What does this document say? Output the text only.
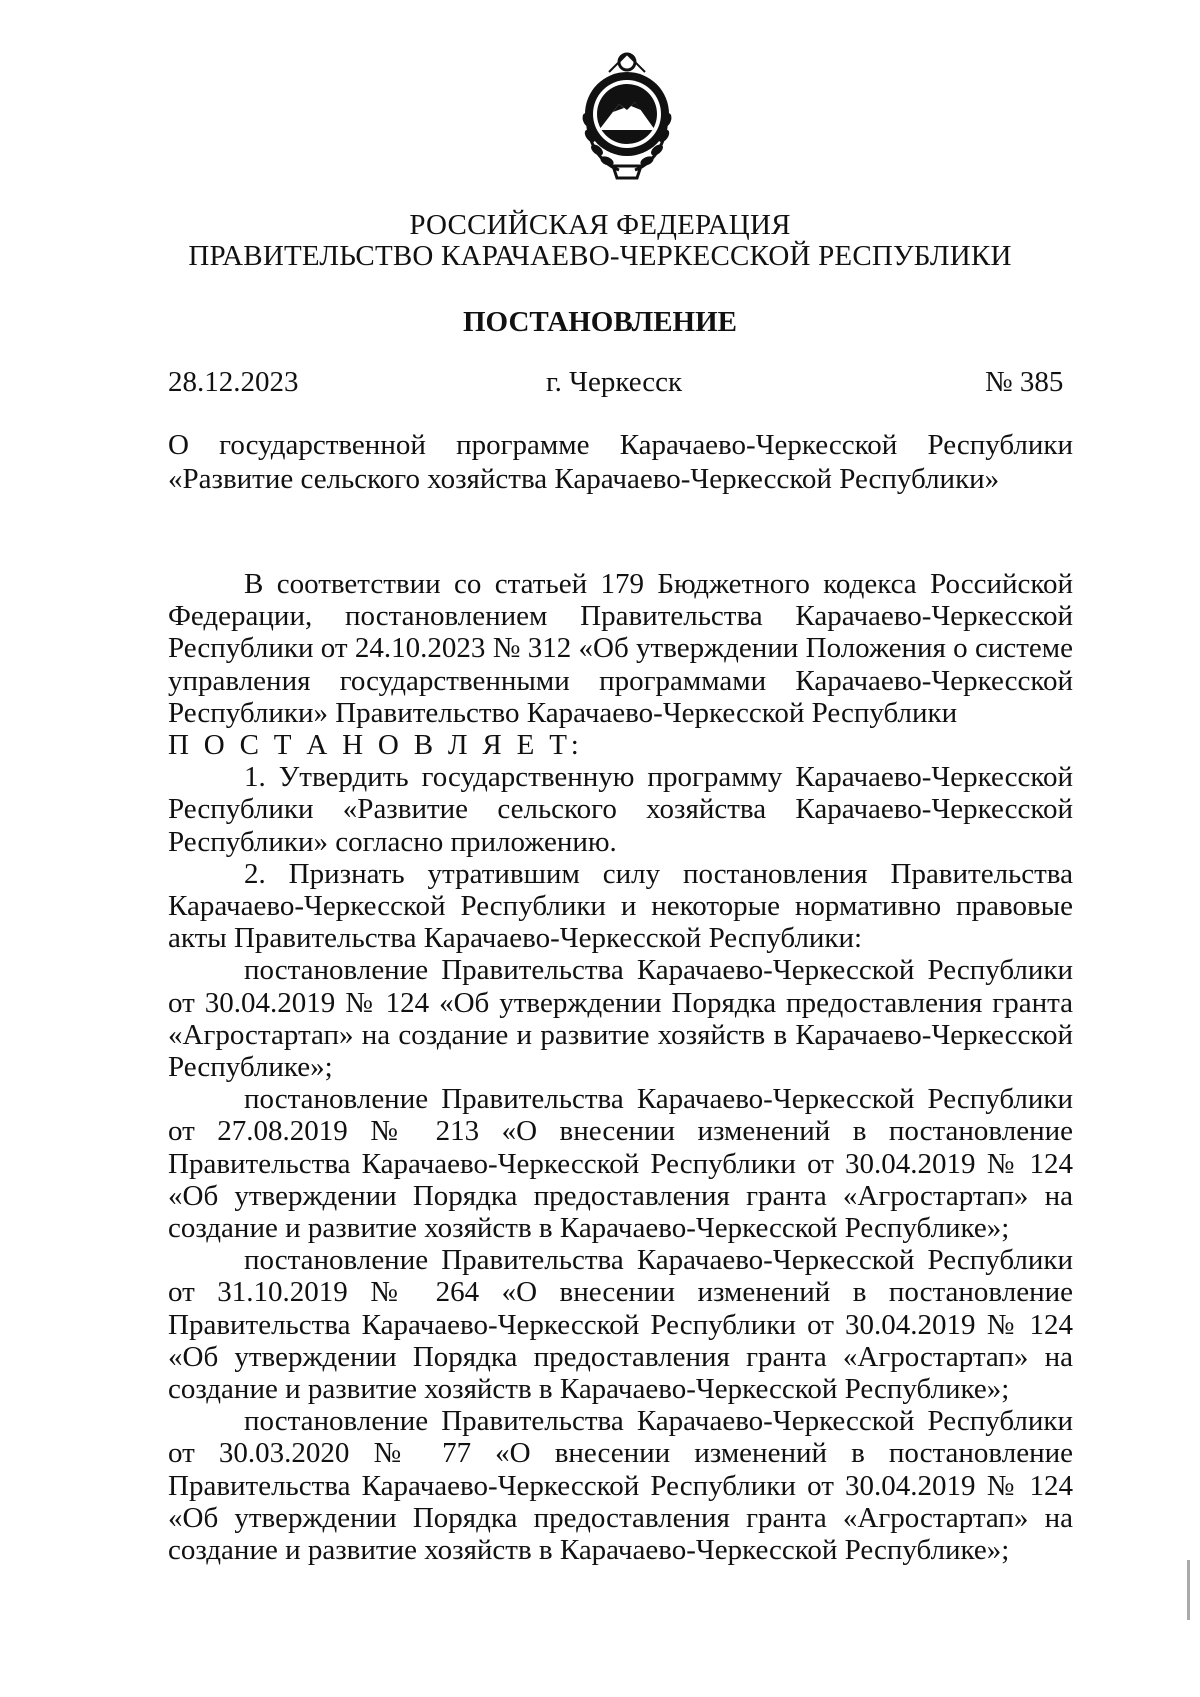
РОССИЙСКАЯ ФЕДЕРАЦИЯ
ПРАВИТЕЛЬСТВО КАРАЧАЕВО-ЧЕРКЕССКОЙ РЕСПУБЛИКИ
ПОСТАНОВЛЕНИЕ
28.12.2023	г. Черкесск	№ 385
О государственной программе Карачаево-Черкесской Республики «Развитие сельского хозяйства Карачаево-Черкесской Республики»

В соответствии со статьей 179 Бюджетного кодекса Российской Федерации, постановлением Правительства Карачаево-Черкесской Республики от 24.10.2023 № 312 «Об утверждении Положения о системе управления государственными программами Карачаево-Черкесской Республики» Правительство Карачаево-Черкесской Республики

П О С Т А Н О В Л Я Е Т:

1. Утвердить государственную программу Карачаево-Черкесской Республики «Развитие сельского хозяйства Карачаево-Черкесской Республики» согласно приложению.

2. Признать утратившим силу постановления Правительства Карачаево-Черкесской Республики и некоторые нормативно правовые акты Правительства Карачаево-Черкесской Республики:

постановление Правительства Карачаево-Черкесской Республики от 30.04.2019 № 124 «Об утверждении Порядка предоставления гранта «Агростартап» на создание и развитие хозяйств в Карачаево-Черкесской Республике»;

постановление Правительства Карачаево-Черкесской Республики от 27.08.2019 № 213 «О внесении изменений в постановление Правительства Карачаево-Черкесской Республики от 30.04.2019 № 124 «Об утверждении Порядка предоставления гранта «Агростартап» на создание и развитие хозяйств в Карачаево-Черкесской Республике»;

постановление Правительства Карачаево-Черкесской Республики от 31.10.2019 № 264 «О внесении изменений в постановление Правительства Карачаево-Черкесской Республики от 30.04.2019 № 124 «Об утверждении Порядка предоставления гранта «Агростартап» на создание и развитие хозяйств в Карачаево-Черкесской Республике»;

постановление Правительства Карачаево-Черкесской Республики от 30.03.2020 № 77 «О внесении изменений в постановление Правительства Карачаево-Черкесской Республики от 30.04.2019 № 124 «Об утверждении Порядка предоставления гранта «Агростартап» на создание и развитие хозяйств в Карачаево-Черкесской Республике»;
